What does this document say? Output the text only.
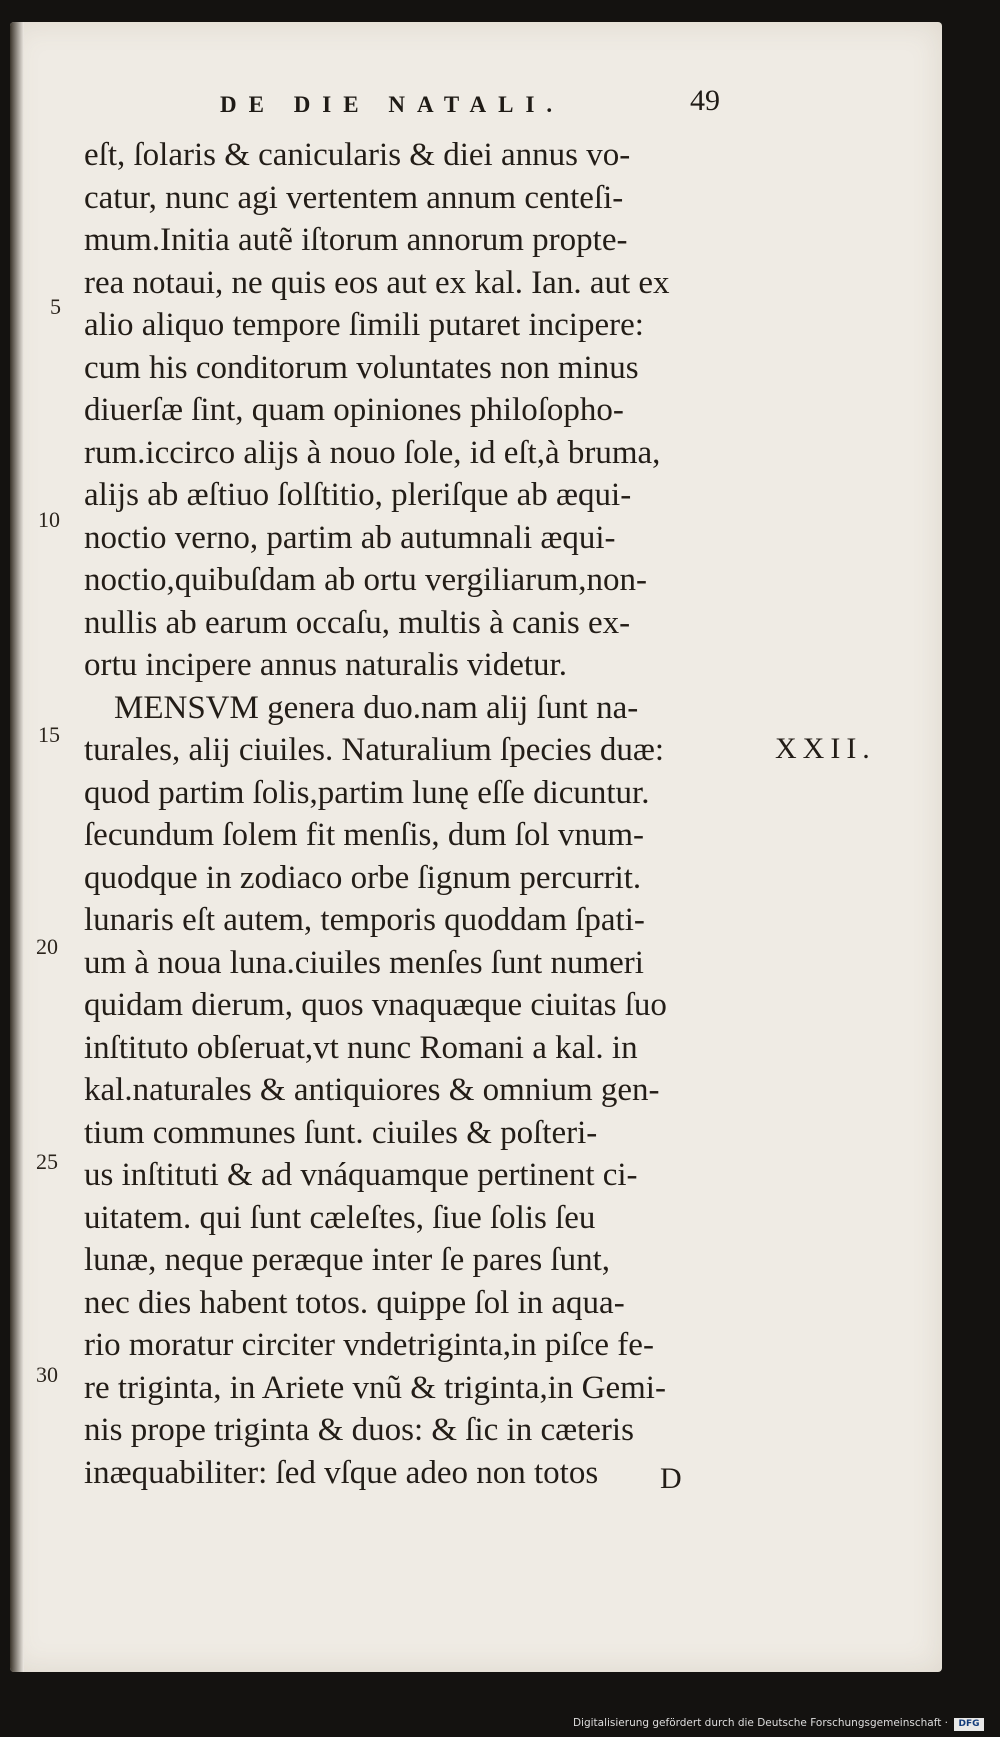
DE DIE NATALI.	49
eſt, ſolaris & canicularis & diei annus vo-
catur, nunc agi vertentem annum centeſi-
mum.Initia autẽ iſtorum annorum propte-
rea notaui, ne quis eos aut ex kal. Ian. aut ex
alio aliquo tempore ſimili putaret incipere:
cum his conditorum voluntates non minus
diuerſæ ſint, quam opiniones philoſopho-
rum.iccirco alijs à nouo ſole, id eſt,à bruma,
alijs ab æſtiuo ſolſtitio, pleriſque ab æqui-
noctio verno, partim ab autumnali æqui-
noctio,quibuſdam ab ortu vergiliarum,non-
nullis ab earum occaſu, multis à canis ex-
ortu incipere annus naturalis videtur.
MENSVM genera duo.nam alij ſunt na-
turales, alij ciuiles. Naturalium ſpecies duæ:
quod partim ſolis,partim lunę eſſe dicuntur.
ſecundum ſolem fit menſis, dum ſol vnum-
quodque in zodiaco orbe ſignum percurrit.
lunaris eſt autem, temporis quoddam ſpati-
um à noua luna.ciuiles menſes ſunt numeri
quidam dierum, quos vnaquæque ciuitas ſuo
inſtituto obſeruat,vt nunc Romani a kal. in
kal.naturales & antiquiores & omnium gen-
tium communes ſunt. ciuiles & poſteri-
us inſtituti & ad vnáquamque pertinent ci-
uitatem. qui ſunt cæleſtes, ſiue ſolis ſeu
lunæ, neque peræque inter ſe pares ſunt,
nec dies habent totos. quippe ſol in aqua-
rio moratur circiter vndetriginta,in piſce fe-
re triginta, in Ariete vnũ & triginta,in Gemi-
nis prope triginta & duos: & ſic in cæteris
inæquabiliter: ſed vſque adeo non totos
5
10
15
20
25
30
XXII.
D
Digitalisierung gefördert durch die Deutsche Forschungsgemeinschaft ·	DFG
